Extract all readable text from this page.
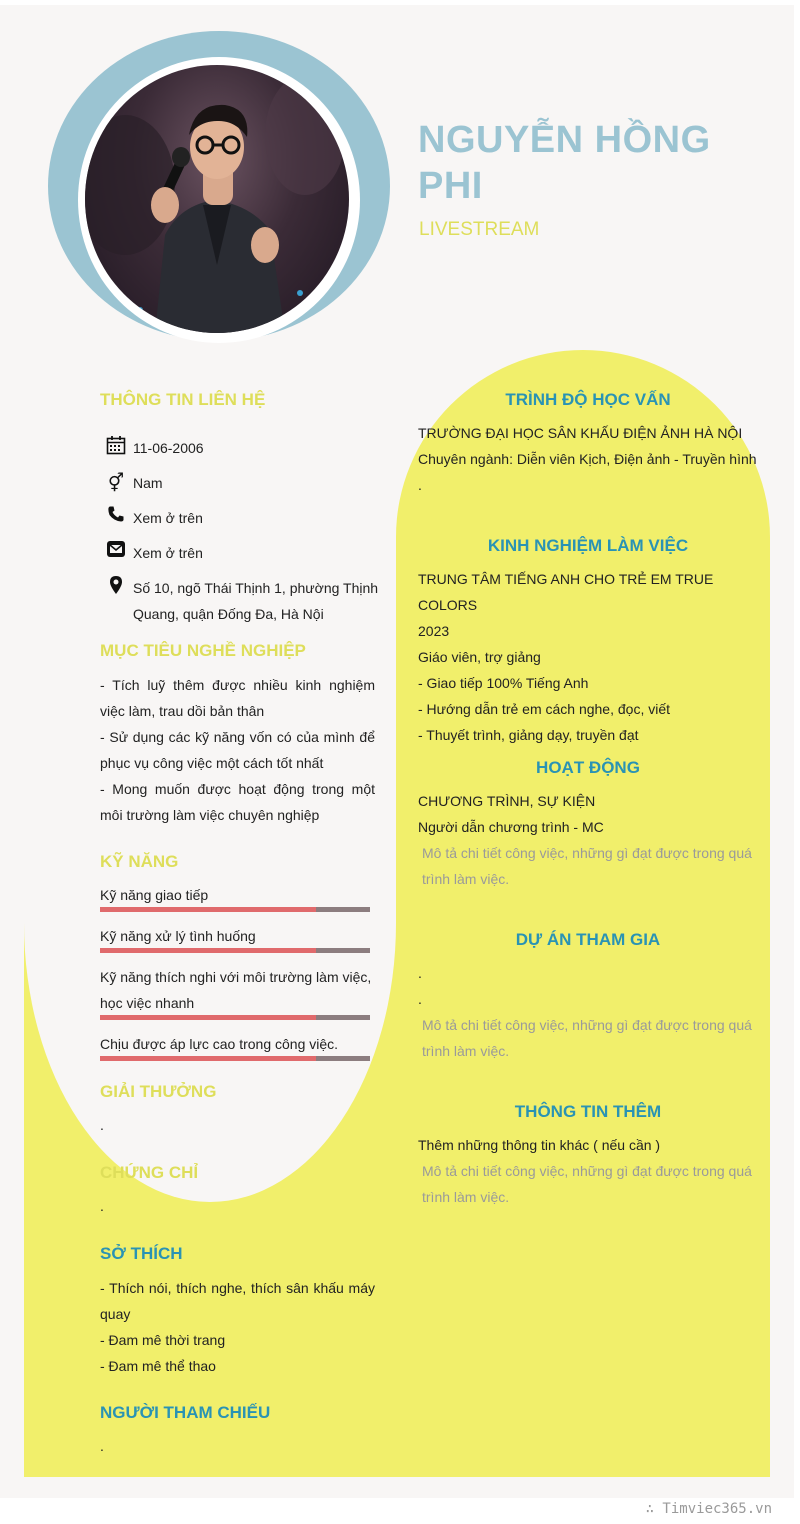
NGUYỄN HỒNG PHI
LIVESTREAM
THÔNG TIN LIÊN HỆ
11-06-2006
⚥ Nam
Xem ở trên
Xem ở trên
Số 10, ngõ Thái Thịnh 1, phường Thịnh Quang, quận Đống Đa, Hà Nội
MỤC TIÊU NGHỀ NGHIỆP

- Tích luỹ thêm được nhiều kinh nghiệm việc làm, trau dồi bản thân

- Sử dụng các kỹ năng vốn có của mình để phục vụ công việc một cách tốt nhất

- Mong muốn được hoạt động trong một môi trường làm việc chuyên nghiệp

KỸ NĂNG
Kỹ năng giao tiếp
Kỹ năng xử lý tình huống
Kỹ năng thích nghi với môi trường làm việc, học việc nhanh
Chịu được áp lực cao trong công việc.
GIẢI THƯỞNG
.
CHỨNG CHỈ
.
SỞ THÍCH

- Thích nói, thích nghe, thích sân khấu máy quay

- Đam mê thời trang

- Đam mê thể thao

NGƯỜI THAM CHIẾU
.
TRÌNH ĐỘ HỌC VẤN

TRƯỜNG ĐẠI HỌC SÂN KHẤU ĐIỆN ẢNH HÀ NỘI

Chuyên ngành: Diễn viên Kịch, Điện ảnh - Truyền hình

.

KINH NGHIỆM LÀM VIỆC

TRUNG TÂM TIẾNG ANH CHO TRẺ EM TRUE COLORS

2023

Giáo viên, trợ giảng

- Giao tiếp 100% Tiếng Anh

- Hướng dẫn trẻ em cách nghe, đọc, viết

- Thuyết trình, giảng dạy, truyền đạt

HOẠT ĐỘNG

CHƯƠNG TRÌNH, SỰ KIỆN

Người dẫn chương trình - MC

Mô tả chi tiết công việc, những gì đạt được trong quá trình làm việc.

DỰ ÁN THAM GIA

.

.

Mô tả chi tiết công việc, những gì đạt được trong quá trình làm việc.

THÔNG TIN THÊM

Thêm những thông tin khác ( nếu cần )

Mô tả chi tiết công việc, những gì đạt được trong quá trình làm việc.

∴ Timviec365.vn
